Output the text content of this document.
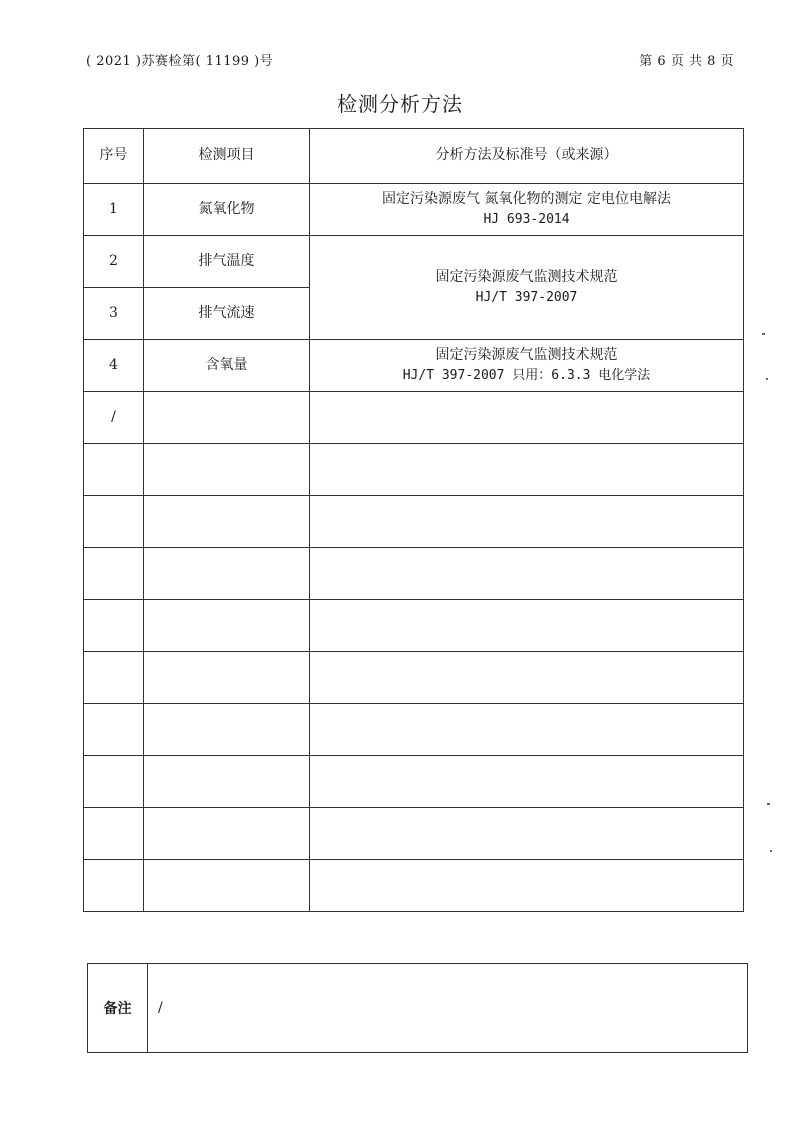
( 2021 )苏赛检第( 11199 )号	第 6 页 共 8 页
检测分析方法
序号	检测项目	分析方法及标准号（或来源）
1	氮氧化物	固定污染源废气 氮氧化物的测定 定电位电解法
HJ 693-2014

2	排气温度	固定污染源废气监测技术规范
HJ/T 397-2007

3	排气流速	
4	含氧量	固定污染源废气监测技术规范
HJ/T 397-2007 只用：6.3.3 电化学法

/		

备注	/
